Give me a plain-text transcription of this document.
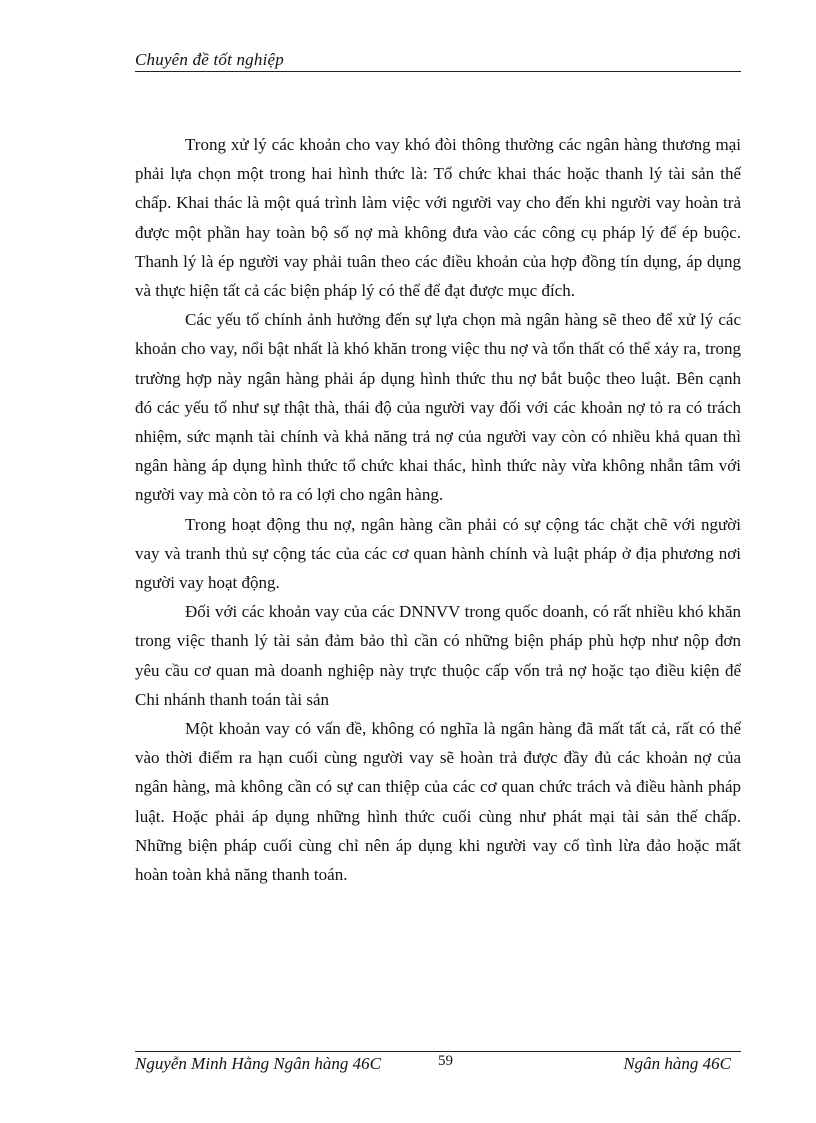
Chuyên đề tốt nghiệp

Trong xử lý các khoản cho vay khó đòi thông thường các ngân hàng thương mại phải lựa chọn một trong hai hình thức là: Tổ chức khai thác hoặc thanh lý tài sản thế chấp. Khai thác là một quá trình làm việc với người vay cho đến khi người vay hoàn trả được một phần hay toàn bộ số nợ mà không đưa vào các công cụ pháp lý để ép buộc. Thanh lý là ép người vay phải tuân theo các điều khoản của hợp đồng tín dụng, áp dụng và thực hiện tất cả các biện pháp lý có thể để đạt được mục đích.

Các yếu tố chính ảnh hưởng đến sự lựa chọn mà ngân hàng sẽ theo để xử lý các khoản cho vay, nổi bật nhất là khó khăn trong việc thu nợ và tổn thất có thể xảy ra, trong trường hợp này ngân hàng phải áp dụng hình thức thu nợ bắt buộc theo luật. Bên cạnh đó các yếu tố như sự thật thà, thái độ của người vay đối với các khoản nợ tỏ ra có trách nhiệm, sức mạnh tài chính và khả năng trả nợ của người vay còn có nhiều khả quan thì ngân hàng áp dụng hình thức tổ chức khai thác, hình thức này vừa không nhẫn tâm với người vay mà còn tỏ ra có lợi cho ngân hàng.

Trong hoạt động thu nợ, ngân hàng cần phải có sự cộng tác chặt chẽ với người vay và tranh thủ sự cộng tác của các cơ quan hành chính và luật pháp ở địa phương nơi người vay hoạt động.

Đối với các khoản vay của các DNNVV trong quốc doanh, có rất nhiều khó khăn trong việc thanh lý tài sản đảm bảo thì cần có những biện pháp phù hợp như nộp đơn yêu cầu cơ quan mà doanh nghiệp này trực thuộc cấp vốn trả nợ hoặc tạo điều kiện để Chi nhánh thanh toán tài sản

Một khoản vay có vấn đề, không có nghĩa là ngân hàng đã mất tất cả, rất có thể vào thời điểm ra hạn cuối cùng người vay sẽ hoàn trả được đầy đủ các khoản nợ của ngân hàng, mà không cần có sự can thiệp của các cơ quan chức trách và điều hành pháp luật. Hoặc phải áp dụng những hình thức cuối cùng như phát mại tài sản thế chấp. Những biện pháp cuối cùng chỉ nên áp dụng khi người vay cố tình lừa đảo hoặc mất hoàn toàn khả năng thanh toán.

Nguyễn Minh Hằng Ngân hàng 46C	59	Ngân hàng 46C
